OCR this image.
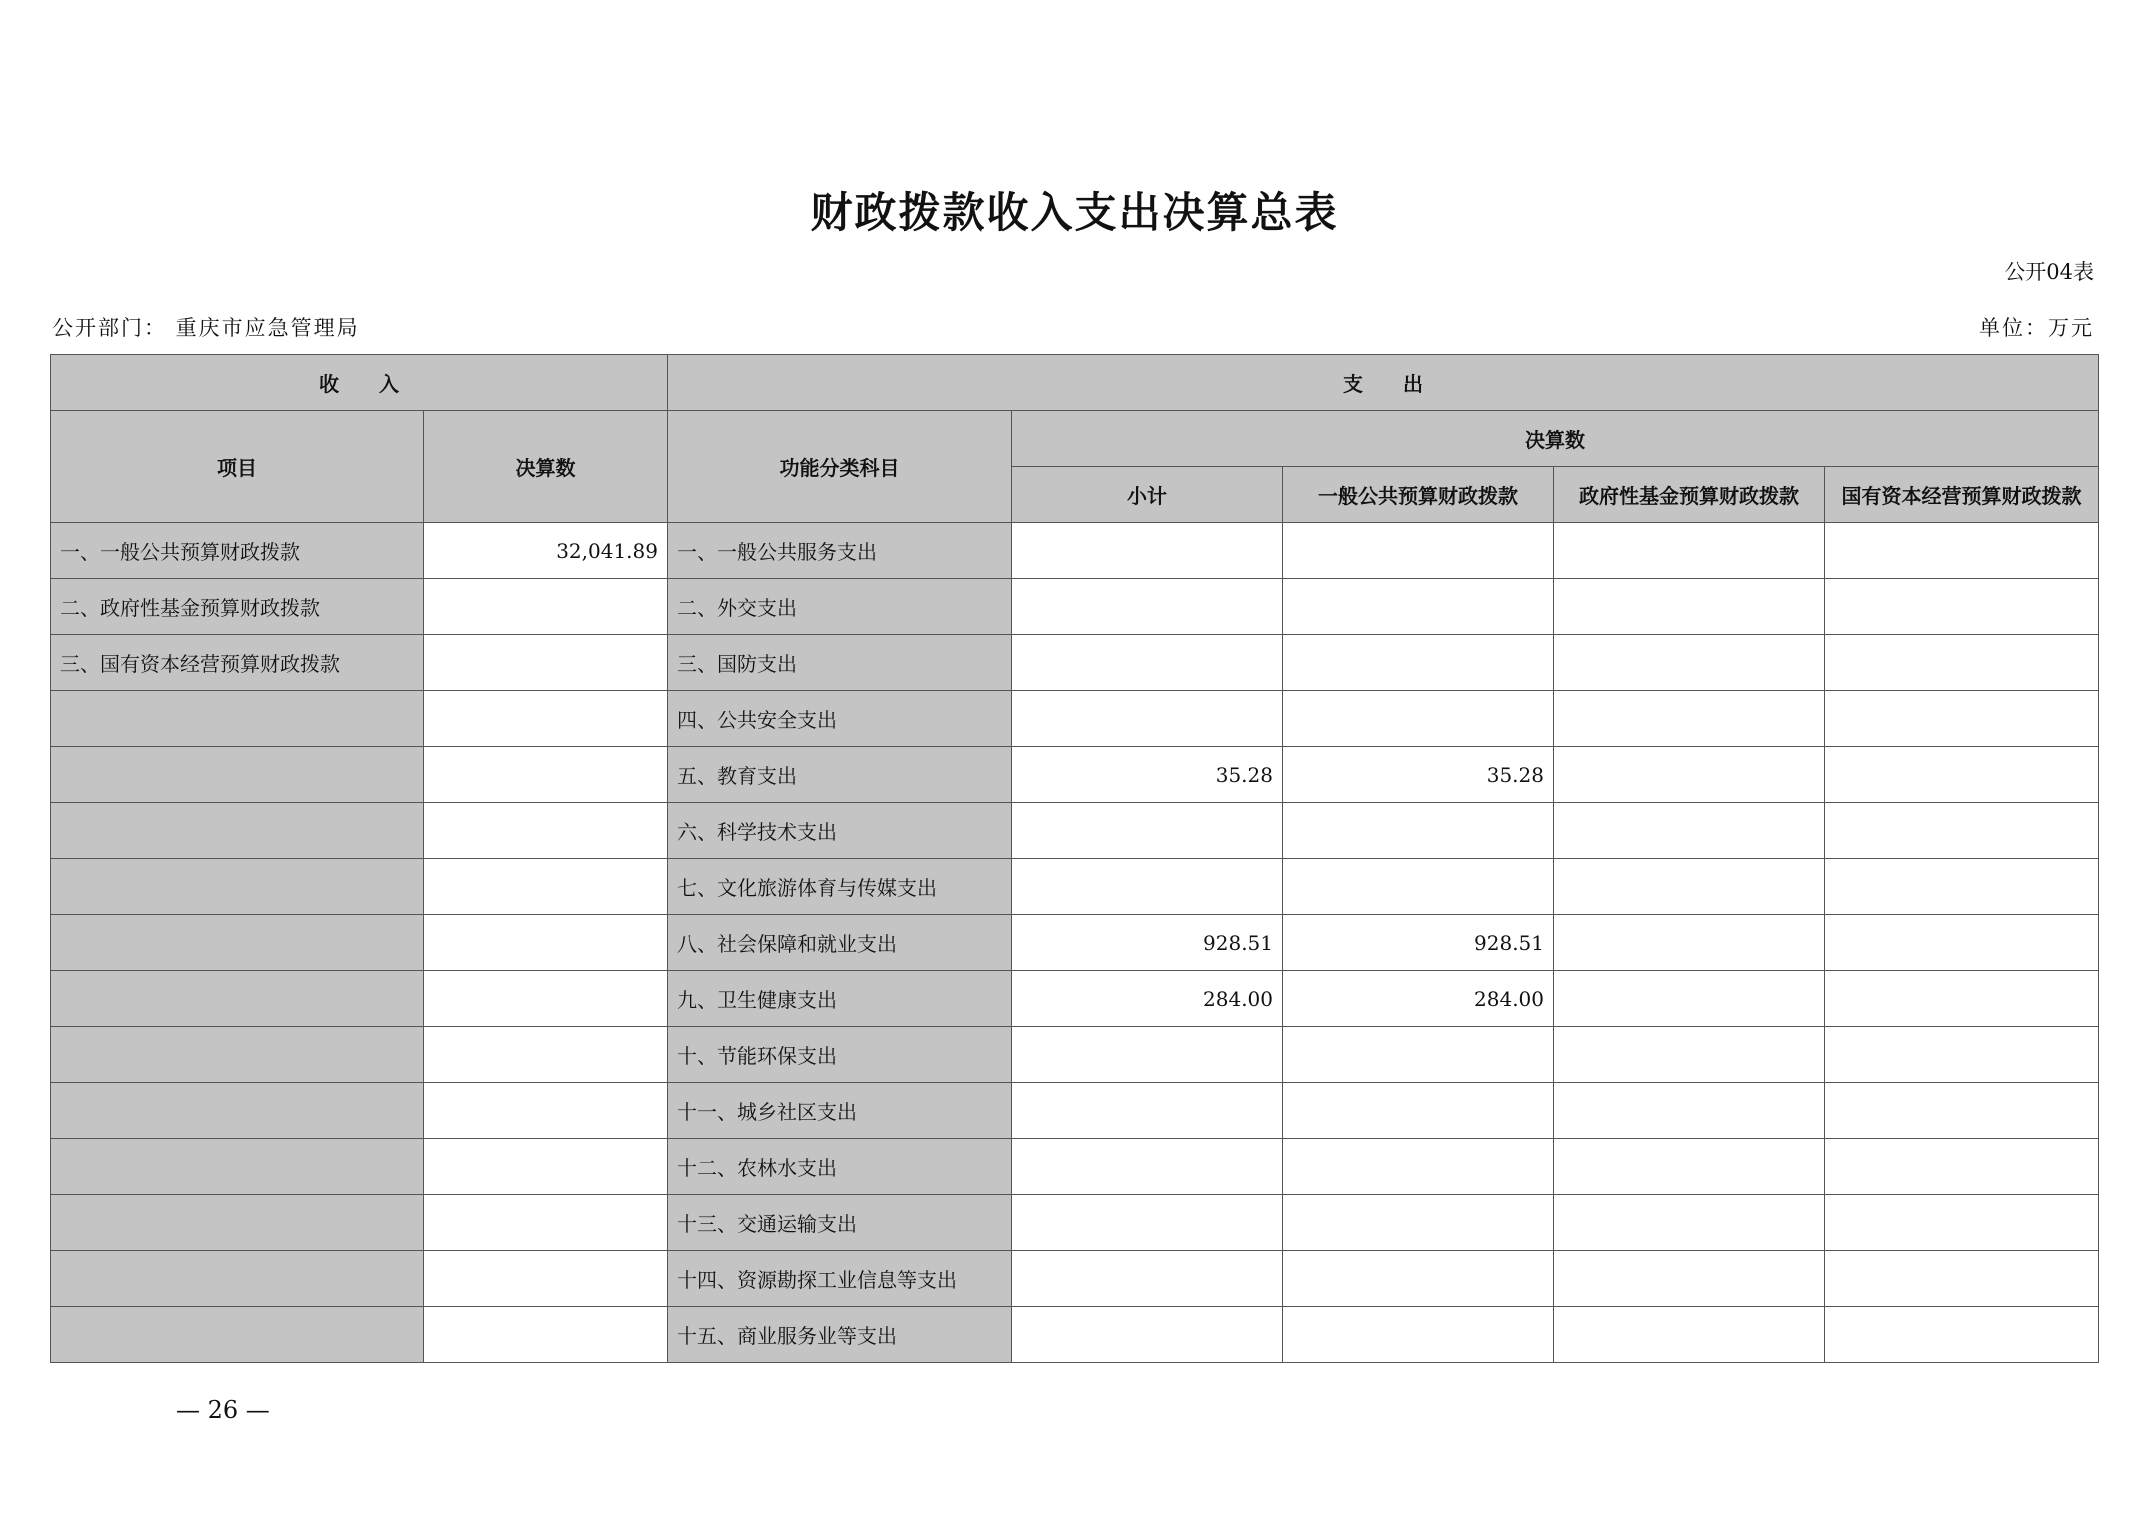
财政拨款收入支出决算总表
公开04表
公开部门： 重庆市应急管理局	单位：万元
收　　入		支　　出				
项目	决算数	功能分类科目	决算数			
			小计	一般公共预算财政拨款	政府性基金预算财政拨款	国有资本经营预算财政拨款
一、一般公共预算财政拨款	32,041.89	一、一般公共服务支出				
二、政府性基金预算财政拨款		二、外交支出				
三、国有资本经营预算财政拨款		三、国防支出				
		四、公共安全支出				
		五、教育支出	35.28	35.28		
		六、科学技术支出				
		七、文化旅游体育与传媒支出				
		八、社会保障和就业支出	928.51	928.51		
		九、卫生健康支出	284.00	284.00		
		十、节能环保支出				
		十一、城乡社区支出				
		十二、农林水支出				
		十三、交通运输支出				
		十四、资源勘探工业信息等支出				
		十五、商业服务业等支出				
— 26 —
